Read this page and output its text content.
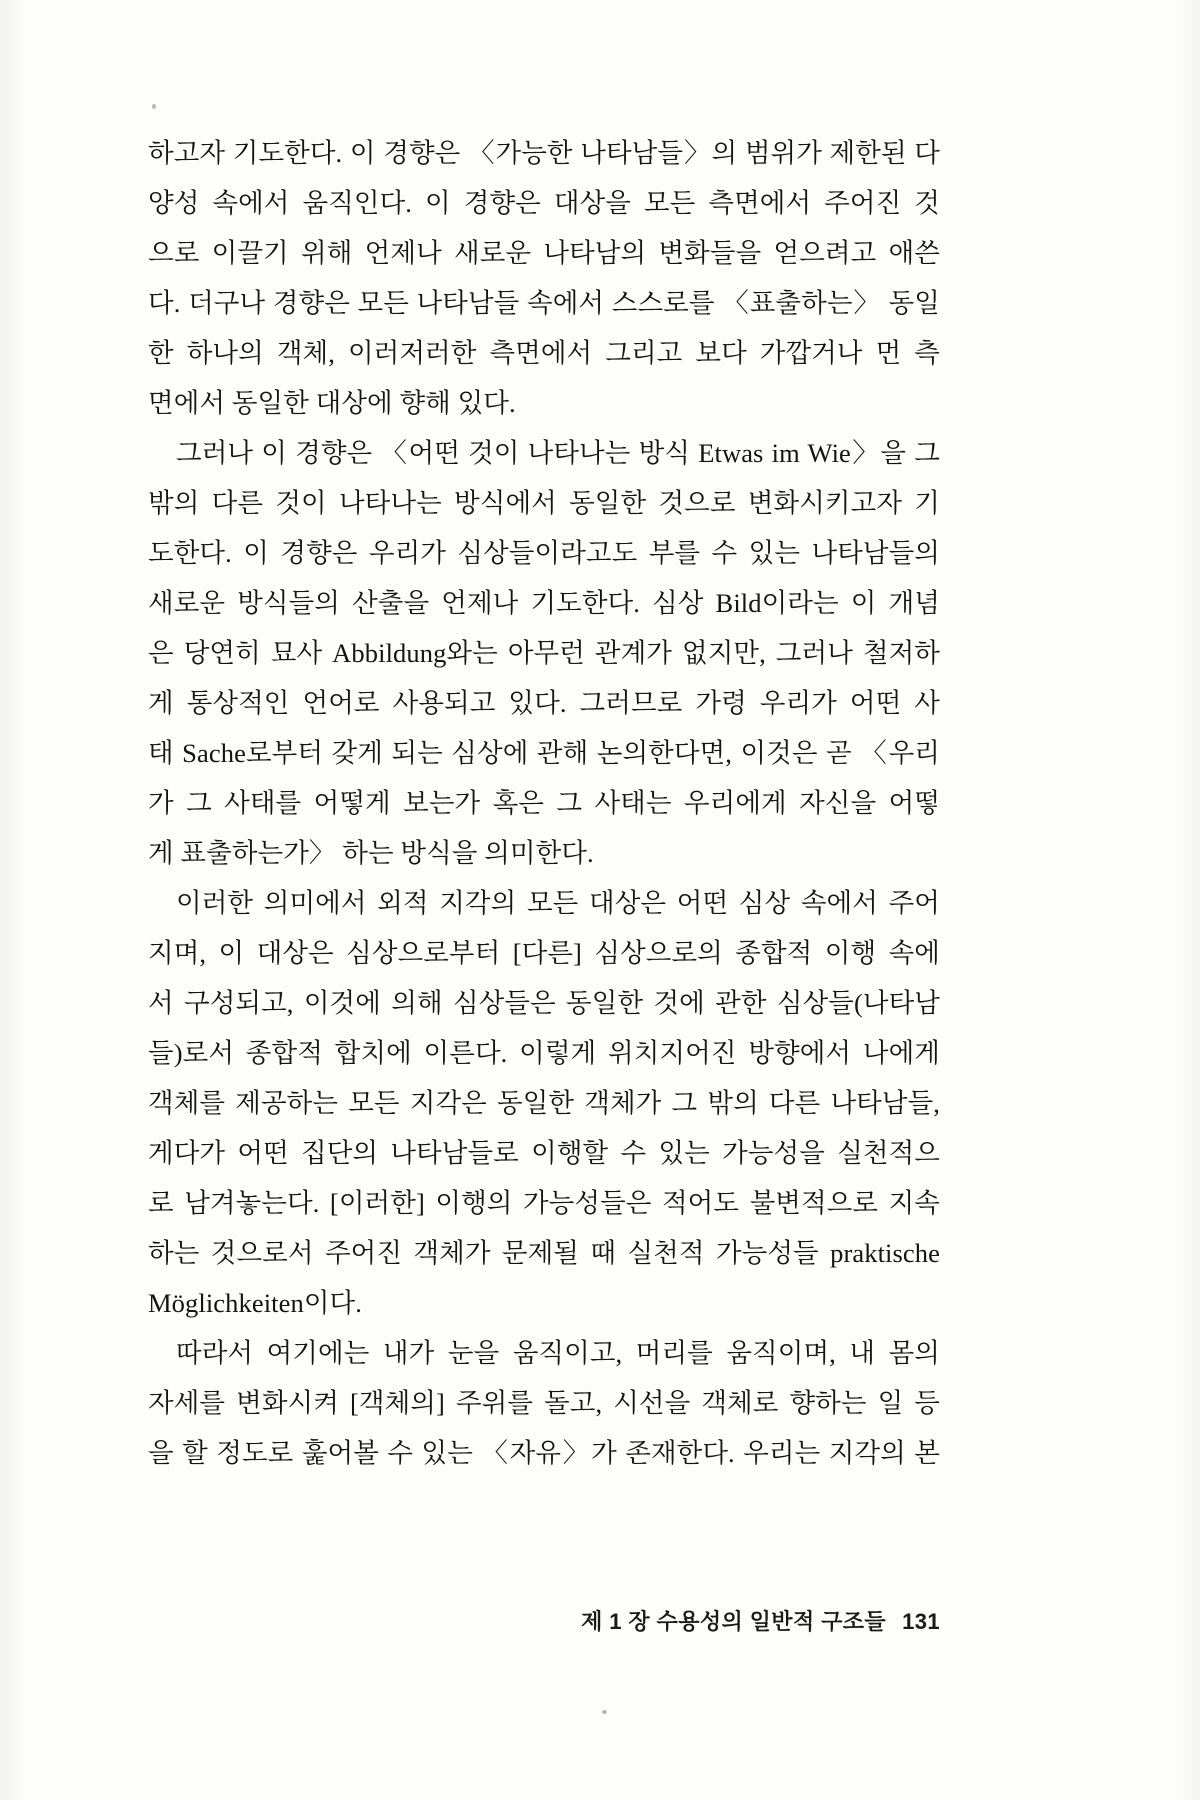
하고자 기도한다. 이 경향은 〈가능한 나타남들〉의 범위가 제한된 다
양성 속에서 움직인다. 이 경향은 대상을 모든 측면에서 주어진 것
으로 이끌기 위해 언제나 새로운 나타남의 변화들을 얻으려고 애쓴
다. 더구나 경향은 모든 나타남들 속에서 스스로를 〈표출하는〉 동일
한 하나의 객체, 이러저러한 측면에서 그리고 보다 가깝거나 먼 측
면에서 동일한 대상에 향해 있다.

그러나 이 경향은 〈어떤 것이 나타나는 방식 Etwas im Wie〉을 그
밖의 다른 것이 나타나는 방식에서 동일한 것으로 변화시키고자 기
도한다. 이 경향은 우리가 심상들이라고도 부를 수 있는 나타남들의
새로운 방식들의 산출을 언제나 기도한다. 심상 Bild이라는 이 개념
은 당연히 묘사 Abbildung와는 아무런 관계가 없지만, 그러나 철저하
게 통상적인 언어로 사용되고 있다. 그러므로 가령 우리가 어떤 사
태 Sache로부터 갖게 되는 심상에 관해 논의한다면, 이것은 곧 〈우리
가 그 사태를 어떻게 보는가 혹은 그 사태는 우리에게 자신을 어떻
게 표출하는가〉 하는 방식을 의미한다.

이러한 의미에서 외적 지각의 모든 대상은 어떤 심상 속에서 주어
지며, 이 대상은 심상으로부터 [다른] 심상으로의 종합적 이행 속에
서 구성되고, 이것에 의해 심상들은 동일한 것에 관한 심상들(나타남
들)로서 종합적 합치에 이른다. 이렇게 위치지어진 방향에서 나에게
객체를 제공하는 모든 지각은 동일한 객체가 그 밖의 다른 나타남들,
게다가 어떤 집단의 나타남들로 이행할 수 있는 가능성을 실천적으
로 남겨놓는다. [이러한] 이행의 가능성들은 적어도 불변적으로 지속
하는 것으로서 주어진 객체가 문제될 때 실천적 가능성들 praktische
Möglichkeiten이다.

따라서 여기에는 내가 눈을 움직이고, 머리를 움직이며, 내 몸의
자세를 변화시켜 [객체의] 주위를 돌고, 시선을 객체로 향하는 일 등
을 할 정도로 훑어볼 수 있는 〈자유〉가 존재한다. 우리는 지각의 본

제 1 장 수용성의 일반적 구조들 131
